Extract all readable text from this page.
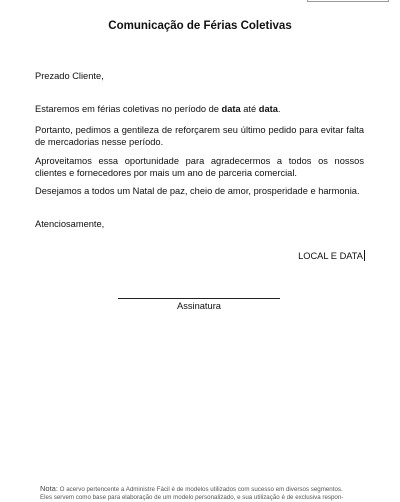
Comunicação de Férias Coletivas

Prezado Cliente,

Estaremos em férias coletivas no período de data até data.

Portanto, pedimos a gentileza de reforçarem seu último pedido para evitar falta de mercadorias nesse período.

Aproveitamos essa oportunidade para agradecermos a todos os nossos clientes e fornecedores por mais um ano de parceria comercial.

Desejamos a todos um Natal de paz, cheio de amor, prosperidade e harmonia.

Atenciosamente,

LOCAL E DATA
Assinatura
Nota: O acervo pertencente a Administre Fácil é de modelos utilizados com sucesso em diversos segmentos.
Eles servem como base para elaboração de um modelo personalizado, e sua utilização é de exclusiva respon-
